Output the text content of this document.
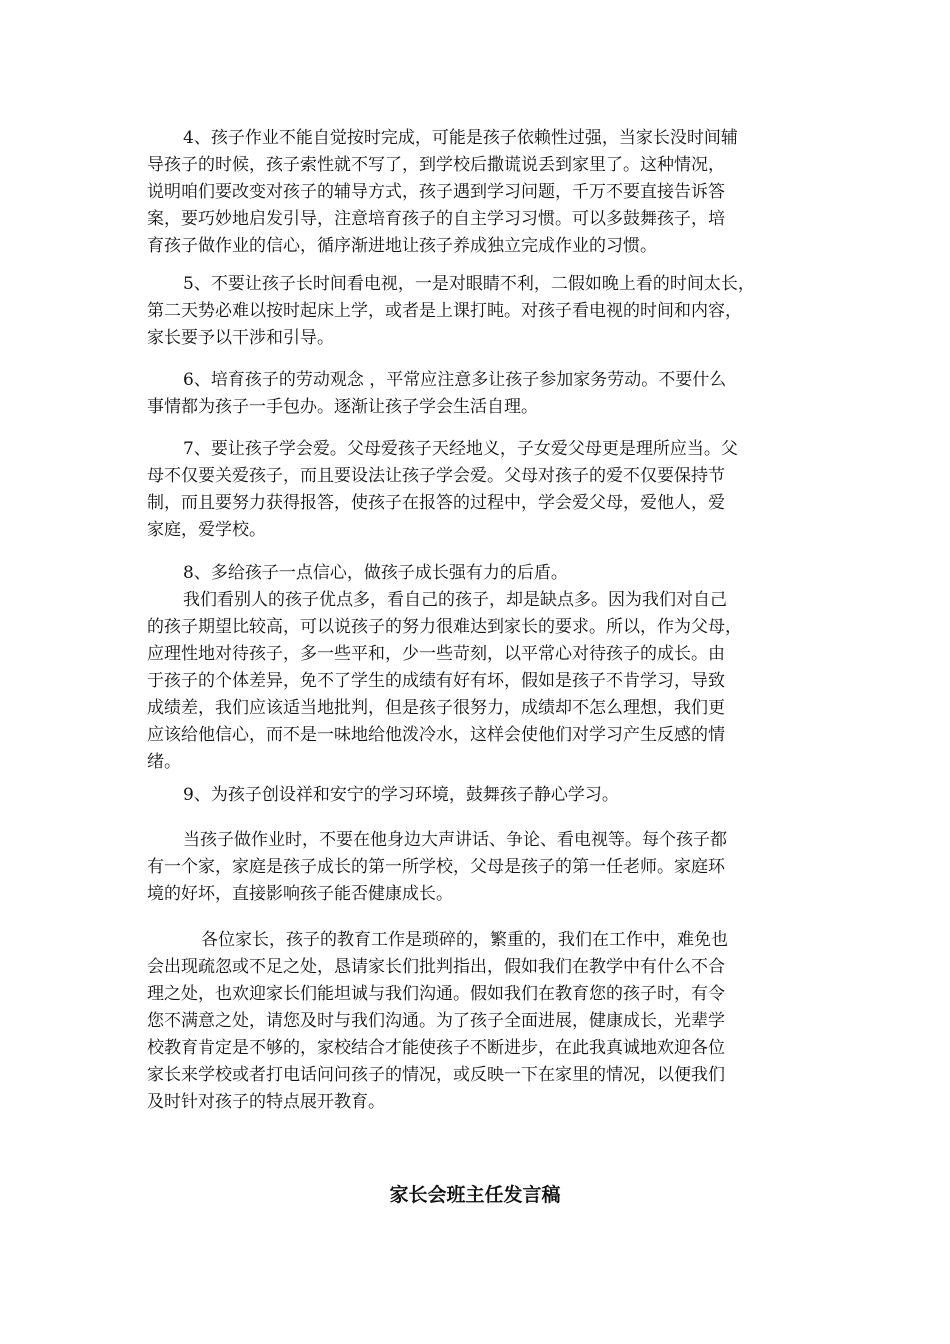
4、孩子作业不能自觉按时完成，可能是孩子依赖性过强，当家长没时间辅
导孩子的时候，孩子索性就不写了，到学校后撒谎说丢到家里了。这种情况，
说明咱们要改变对孩子的辅导方式，孩子遇到学习问题，千万不要直接告诉答
案，要巧妙地启发引导，注意培育孩子的自主学习习惯。可以多鼓舞孩子，培
育孩子做作业的信心，循序渐进地让孩子养成独立完成作业的习惯。
5、不要让孩子长时间看电视，一是对眼睛不利，二假如晚上看的时间太长，
第二天势必难以按时起床上学，或者是上课打盹。对孩子看电视的时间和内容，
家长要予以干涉和引导。
6、培育孩子的劳动观念 ，平常应注意多让孩子参加家务劳动。不要什么
事情都为孩子一手包办。逐渐让孩子学会生活自理。
7、要让孩子学会爱。父母爱孩子天经地义，子女爱父母更是理所应当。父
母不仅要关爱孩子，而且要设法让孩子学会爱。父母对孩子的爱不仅要保持节
制，而且要努力获得报答，使孩子在报答的过程中，学会爱父母，爱他人，爱
家庭，爱学校。
8、多给孩子一点信心，做孩子成长强有力的后盾。
我们看别人的孩子优点多，看自己的孩子，却是缺点多。因为我们对自己
的孩子期望比较高，可以说孩子的努力很难达到家长的要求。所以，作为父母，
应理性地对待孩子，多一些平和，少一些苛刻，以平常心对待孩子的成长。由
于孩子的个体差异，免不了学生的成绩有好有坏，假如是孩子不肯学习，导致
成绩差，我们应该适当地批判，但是孩子很努力，成绩却不怎么理想，我们更
应该给他信心，而不是一味地给他泼冷水，这样会使他们对学习产生反感的情
绪。
9、为孩子创设祥和安宁的学习环境，鼓舞孩子静心学习。
当孩子做作业时，不要在他身边大声讲话、争论、看电视等。每个孩子都
有一个家，家庭是孩子成长的第一所学校，父母是孩子的第一任老师。家庭环
境的好坏，直接影响孩子能否健康成长。
各位家长，孩子的教育工作是琐碎的，繁重的，我们在工作中，难免也
会出现疏忽或不足之处，恳请家长们批判指出，假如我们在教学中有什么不合
理之处，也欢迎家长们能坦诚与我们沟通。假如我们在教育您的孩子时，有令
您不满意之处，请您及时与我们沟通。为了孩子全面进展，健康成长，光辈学
校教育肯定是不够的，家校结合才能使孩子不断进步，在此我真诚地欢迎各位
家长来学校或者打电话问问孩子的情况，或反映一下在家里的情况，以便我们
及时针对孩子的特点展开教育。
家长会班主任发言稿
